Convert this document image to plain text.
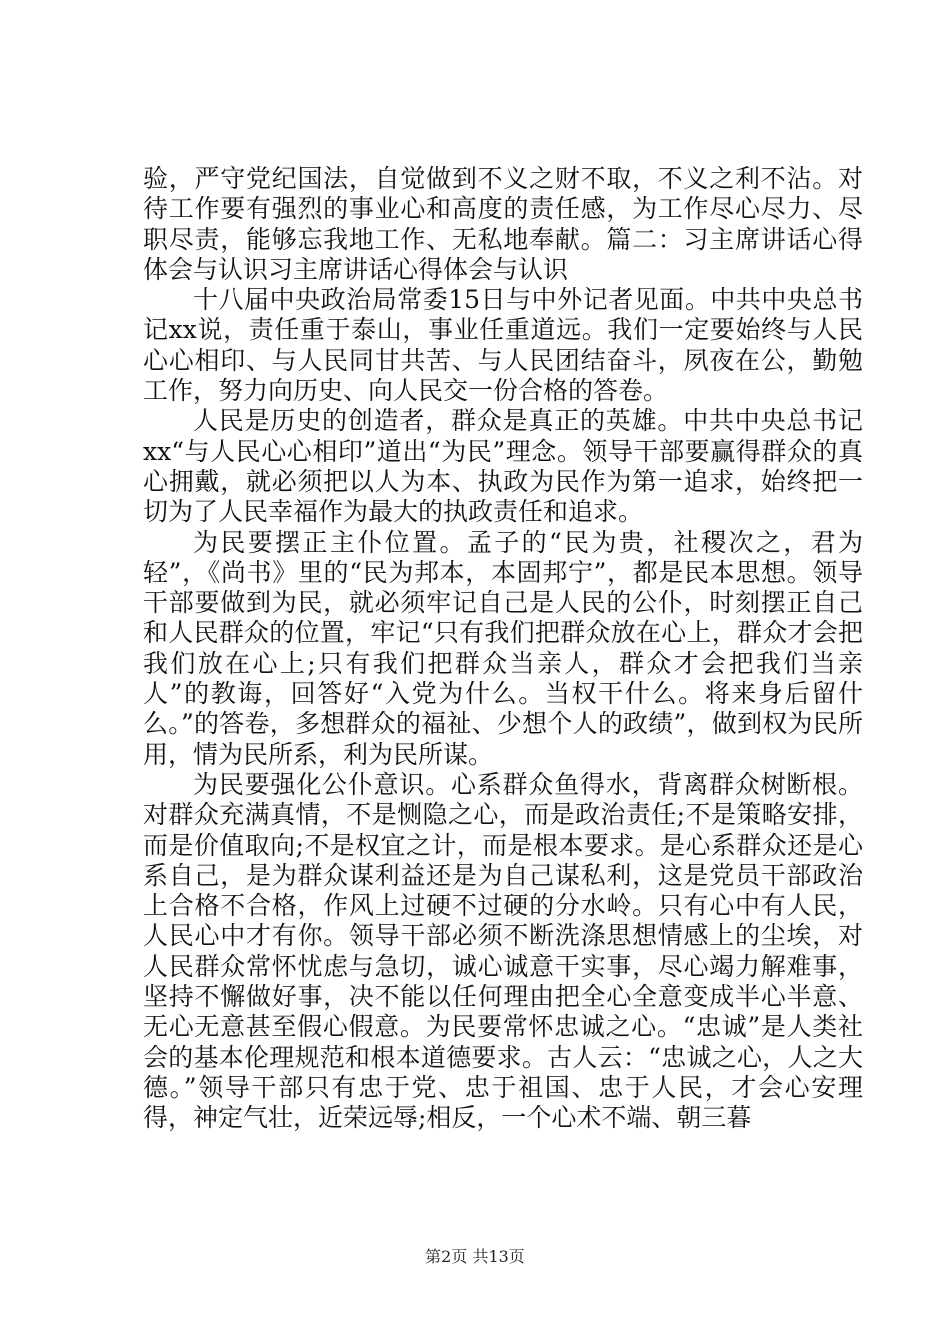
验，严守党纪国法，自觉做到不义之财不取，不义之利不沾。对待工作要有强烈的事业心和高度的责任感，为工作尽心尽力、尽职尽责，能够忘我地工作、无私地奉献。篇二：习主席讲话心得体会与认识习主席讲话心得体会与认识

十八届中央政治局常委15日与中外记者见面。中共中央总书记xx说，责任重于泰山，事业任重道远。我们一定要始终与人民心心相印、与人民同甘共苦、与人民团结奋斗，夙夜在公，勤勉工作，努力向历史、向人民交一份合格的答卷。

人民是历史的创造者，群众是真正的英雄。中共中央总书记xx“与人民心心相印”道出“为民”理念。领导干部要赢得群众的真心拥戴，就必须把以人为本、执政为民作为第一追求，始终把一切为了人民幸福作为最大的执政责任和追求。

为民要摆正主仆位置。孟子的“民为贵，社稷次之，君为轻”，《尚书》里的“民为邦本，本固邦宁”，都是民本思想。领导干部要做到为民，就必须牢记自己是人民的公仆，时刻摆正自己和人民群众的位置，牢记“只有我们把群众放在心上，群众才会把我们放在心上;只有我们把群众当亲人，群众才会把我们当亲人”的教诲，回答好“入党为什么。当权干什么。将来身后留什么。”的答卷，多想群众的福祉、少想个人的政绩”，做到权为民所用，情为民所系，利为民所谋。

为民要强化公仆意识。心系群众鱼得水，背离群众树断根。对群众充满真情，不是恻隐之心，而是政治责任;不是策略安排，而是价值取向;不是权宜之计，而是根本要求。是心系群众还是心系自己，是为群众谋利益还是为自己谋私利，这是党员干部政治上合格不合格，作风上过硬不过硬的分水岭。只有心中有人民，人民心中才有你。领导干部必须不断洗涤思想情感上的尘埃，对人民群众常怀忧虑与急切，诚心诚意干实事，尽心竭力解难事，坚持不懈做好事，决不能以任何理由把全心全意变成半心半意、无心无意甚至假心假意。为民要常怀忠诚之心。“忠诚”是人类社会的基本伦理规范和根本道德要求。古人云：“忠诚之心，人之大德。”领导干部只有忠于党、忠于祖国、忠于人民，才会心安理得，神定气壮，近荣远辱;相反，一个心术不端、朝三暮

第2页 共13页
